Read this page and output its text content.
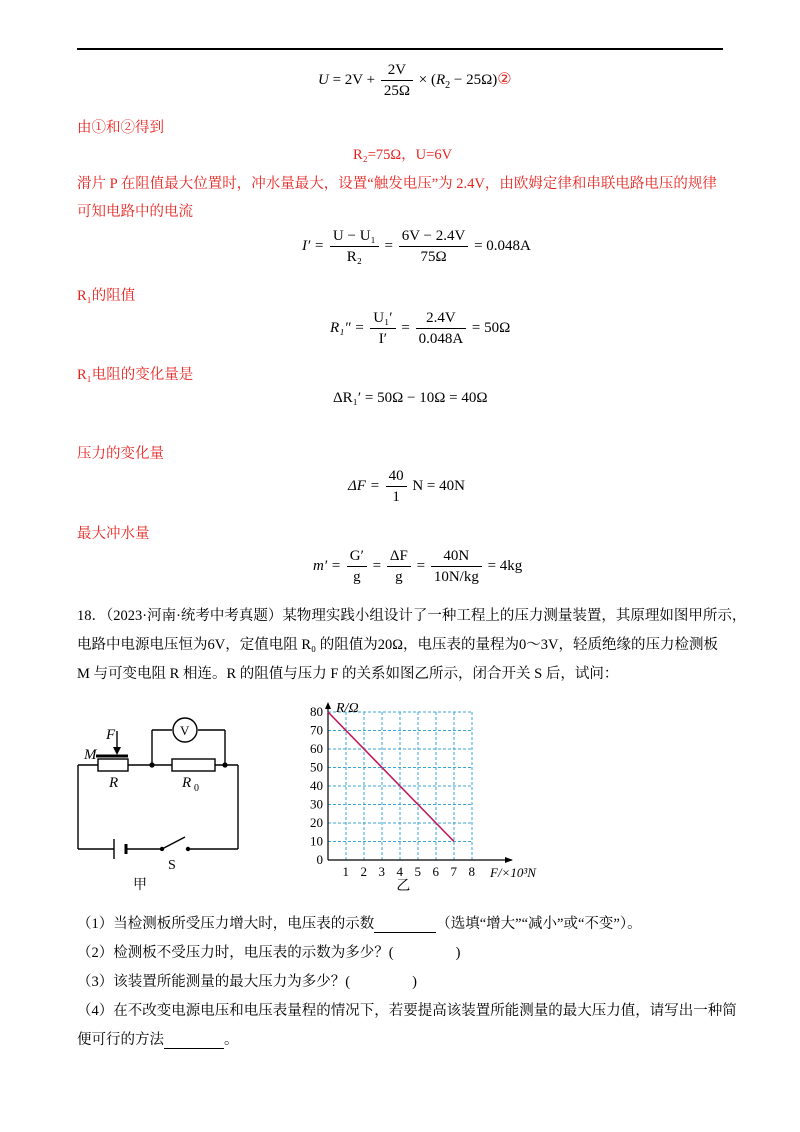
$U = 2V + \frac{2V}{25\Omega} \times (R_2$ − 25Ω)②
由①和②得到
R₂=75Ω，U=6V
滑片 P 在阻值最大位置时，冲水量最大，设置“触发电压”为 2.4V，由欧姆定律和串联电路电压的规律
可知电路中的电流
$I' = \frac{\text{U − U₁}}{\text{R₂}} = \frac{6V - 2.4V}{75\Omega} = 0.048A$
R₁的阻值
$R_1'' = \frac{\text{U₁′}}{I'} = \frac{2.4V}{0.048A} = 50\Omega$
R₁电阻的变化量是
ΔR₁′ = 50Ω − 10Ω = 40Ω
压力的变化量
$\Delta F = \frac{40}{1}$ N = 40N
最大冲水量
$m' = \frac{G'}{g} = \frac{\Delta F}{g} = \frac{40N}{10N/kg} = 4kg$
18．（2023·河南·统考中考真题）某物理实践小组设计了一种工程上的压力测量装置，其原理如图甲所示，
电路中电源电压恒为6V，定值电阻 R₀ 的阻值为20Ω，电压表的量程为0～3V，轻质绝缘的压力检测板
M 与可变电阻 R 相连。R 的阻值与压力 F 的关系如图乙所示，闭合开关 S 后，试问：
F
M
R	R 0
V
S
甲
1 2 3 4 5 6 7 8
0
10
20
30
40
50
60
70
80 R/Ω
F/×10³N
乙
（1）当检测板所受压力增大时，电压表的示数	（选填“增大”“减小”或“不变”）。
（2）检测板不受压力时，电压表的示数为多少？(	)
（3）该装置所能测量的最大压力为多少？(	)
（4）在不改变电源电压和电压表量程的情况下，若要提高该装置所能测量的最大压力值，请写出一种简
便可行的方法	。
